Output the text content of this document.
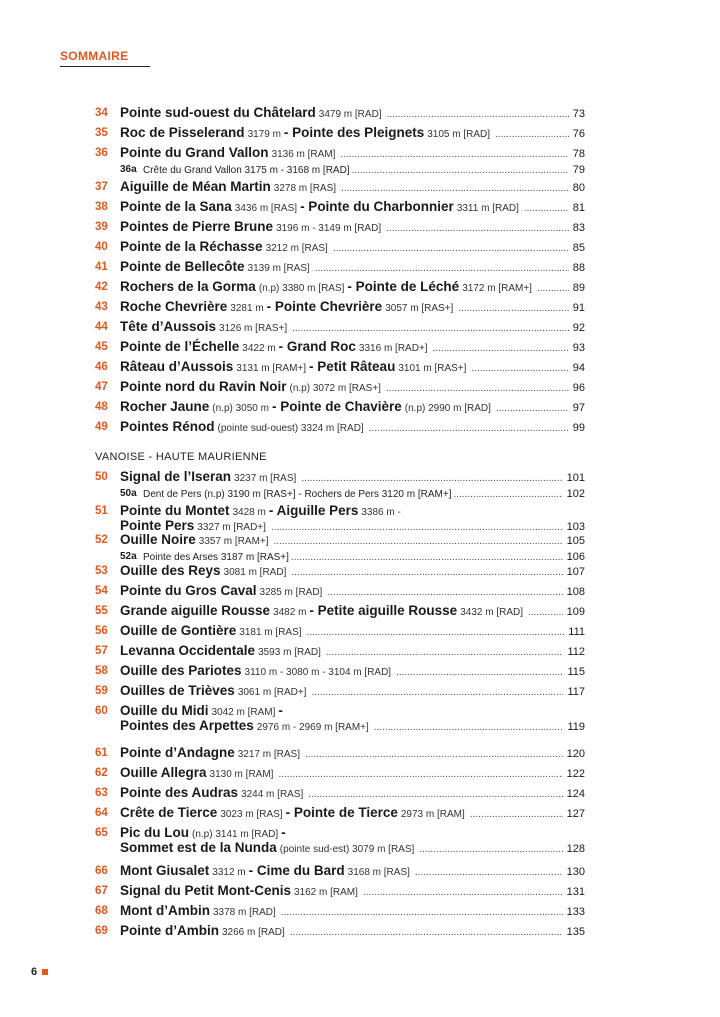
SOMMAIRE
34 Pointe sud-ouest du Châtelard 3479 m [RAD] .....	73
35 Roc de Pisselerand 3179 m - Pointe des Pleignets 3105 m [RAD] .....	76
36 Pointe du Grand Vallon 3136 m [RAM] .....	78
36a Crête du Grand Vallon 3175 m - 3168 m [RAD] .....	79
37 Aiguille de Méan Martin 3278 m [RAS] .....	80
38 Pointe de la Sana 3436 m [RAS] - Pointe du Charbonnier 3311 m [RAD] .....	81
39 Pointes de Pierre Brune 3196 m - 3149 m [RAD] .....	83
40 Pointe de la Réchasse 3212 m [RAS] .....	85
41 Pointe de Bellecôte 3139 m [RAS] .....	88
42 Rochers de la Gorma (n.p) 3380 m [RAS] - Pointe de Léché 3172 m [RAM+] .....	89
43 Roche Chevrière 3281 m - Pointe Chevrière 3057 m [RAS+] .....	91
44 Tête d’Aussois 3126 m [RAS+] .....	92
45 Pointe de l’Échelle 3422 m - Grand Roc 3316 m [RAD+] .....	93
46 Râteau d’Aussois 3131 m [RAM+] - Petit Râteau 3101 m [RAS+] .....	94
47 Pointe nord du Ravin Noir (n.p) 3072 m [RAS+] .....	96
48 Rocher Jaune (n.p) 3050 m - Pointe de Chavière (n.p) 2990 m [RAD] .....	97
49 Pointes Rénod (pointe sud-ouest) 3324 m [RAD] .....	99
50 Signal de l’Iseran 3237 m [RAS] .....	101
50a Dent de Pers (n.p) 3190 m [RAS+] - Rochers de Pers 3120 m [RAM+] .....	102
51 Pointe du Montet 3428 m - Aiguille Pers 3386 m -
Pointe Pers 3327 m [RAD+] .....	103
52 Ouille Noire 3357 m [RAM+] .....	105
52a Pointe des Arses 3187 m [RAS+] .....	106
53 Ouille des Reys 3081 m [RAD] .....	107
54 Pointe du Gros Caval 3285 m [RAD] .....	108
55 Grande aiguille Rousse 3482 m - Petite aiguille Rousse 3432 m [RAD] .....	109
56 Ouille de Gontière 3181 m [RAS] .....	111
57 Levanna Occidentale 3593 m [RAD] .....	112
58 Ouille des Pariotes 3110 m - 3080 m - 3104 m [RAD] .....	115
59 Ouilles de Trièves 3061 m [RAD+] .....	117
60 Ouille du Midi 3042 m [RAM] -
Pointes des Arpettes 2976 m - 2969 m [RAM+] .....	119
61 Pointe d’Andagne 3217 m [RAS] .....	120
62 Ouille Allegra 3130 m [RAM] .....	122
63 Pointe des Audras 3244 m [RAS] .....	124
64 Crête de Tierce 3023 m [RAS] - Pointe de Tierce 2973 m [RAM] .....	127
65 Pic du Lou (n.p) 3141 m [RAD] -
Sommet est de la Nunda (pointe sud-est) 3079 m [RAS] .....	128
66 Mont Giusalet 3312 m - Cime du Bard 3168 m [RAS] .....	130
67 Signal du Petit Mont-Cenis 3162 m [RAM] .....	131
68 Mont d’Ambin 3378 m [RAD] .....	133
69 Pointe d’Ambin 3266 m [RAD] .....	135
VANOISE - HAUTE MAURIENNE
6
